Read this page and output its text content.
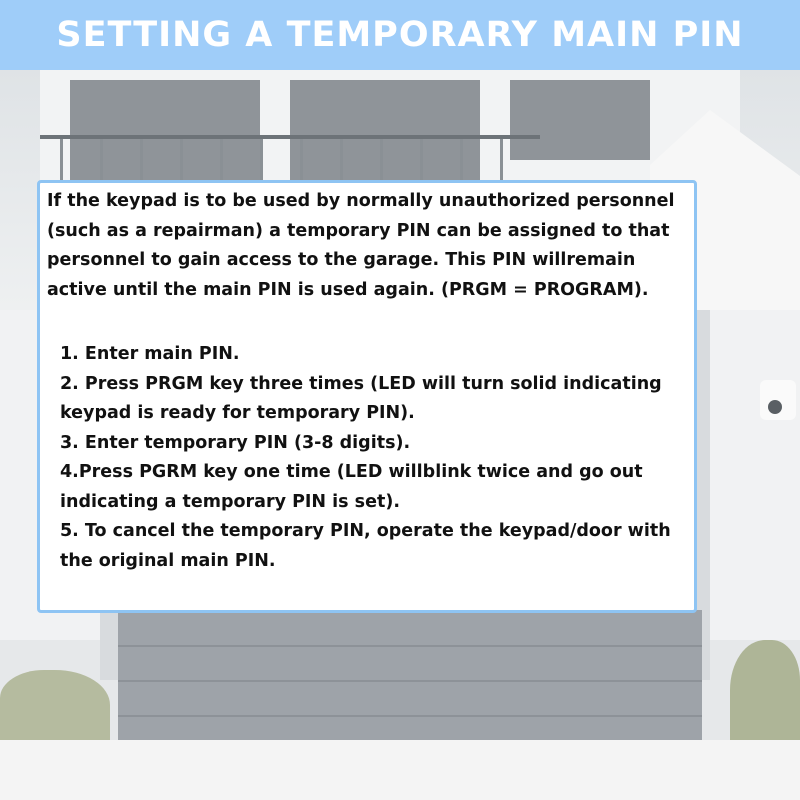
SETTING A TEMPORARY MAIN PIN

If the keypad is to be used by normally unauthorized personnel (such as a repairman) a temporary PIN can be assigned to that personnel to gain access to the garage. This PIN willremain active until the main PIN is used again. (PRGM = PROGRAM).

1. Enter main PIN.
2. Press PRGM key three times (LED will turn solid indicating keypad is ready for temporary PIN).
3. Enter temporary PIN (3-8 digits).
4.Press PGRM key one time (LED willblink twice and go out indicating a temporary PIN is set).
5. To cancel the temporary PIN, operate the keypad/door with the original main PIN.
